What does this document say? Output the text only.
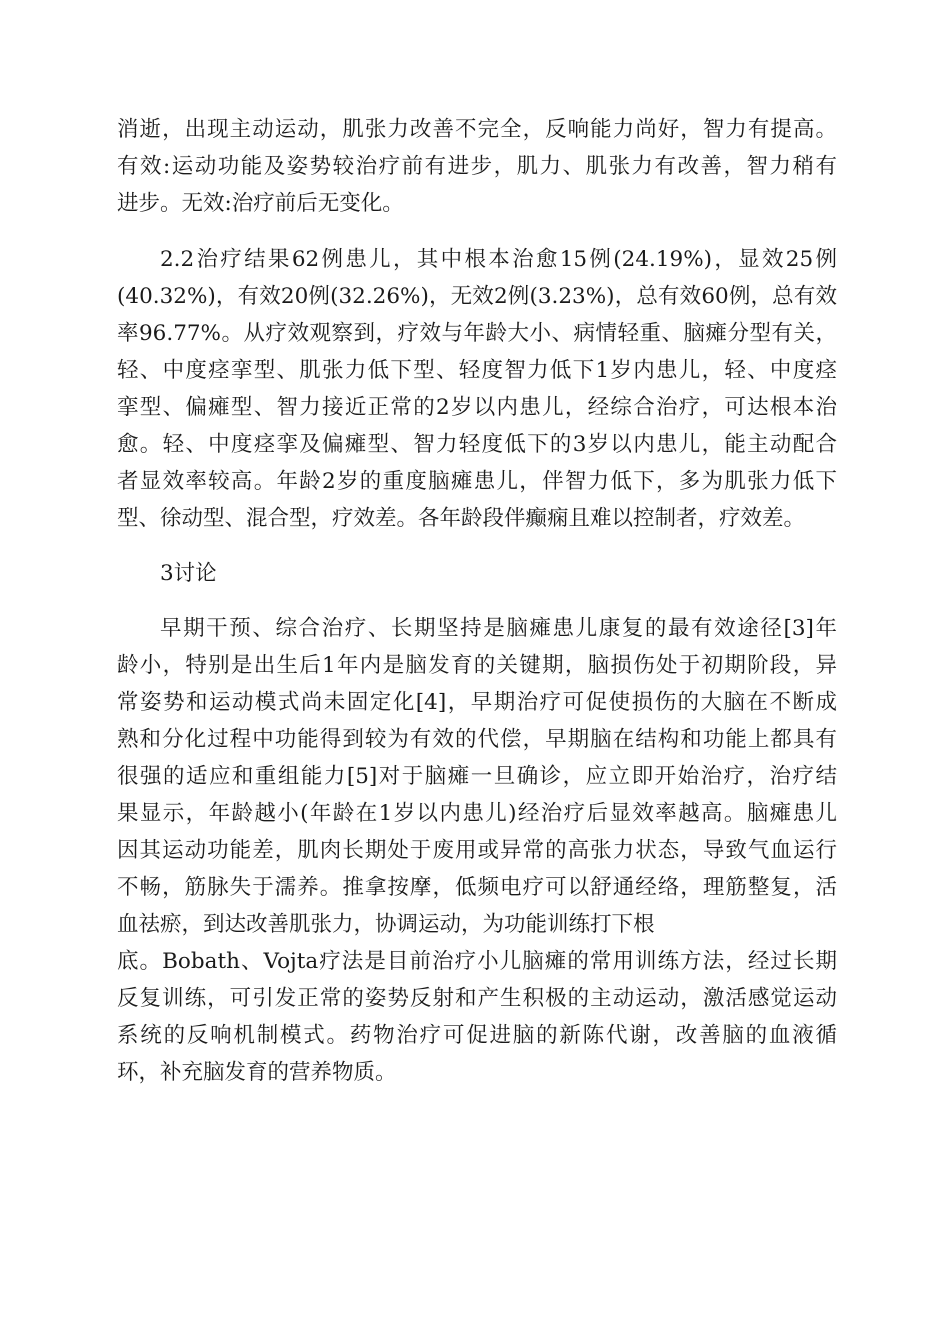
消逝，出现主动运动，肌张力改善不完全，反响能力尚好，智力有提高。
有效:运动功能及姿势较治疗前有进步，肌力、肌张力有改善，智力稍有
进步。无效:治疗前后无变化。
2.2治疗结果62例患儿，其中根本治愈15例(24.19%)，显效25例
(40.32%)，有效20例(32.26%)，无效2例(3.23%)，总有效60例，总有效
率96.77%。从疗效观察到，疗效与年龄大小、病情轻重、脑瘫分型有关，
轻、中度痉挛型、肌张力低下型、轻度智力低下1岁内患儿，轻、中度痉
挛型、偏瘫型、智力接近正常的2岁以内患儿，经综合治疗，可达根本治
愈。轻、中度痉挛及偏瘫型、智力轻度低下的3岁以内患儿，能主动配合
者显效率较高。年龄2岁的重度脑瘫患儿，伴智力低下，多为肌张力低下
型、徐动型、混合型，疗效差。各年龄段伴癫痫且难以控制者，疗效差。
3讨论
早期干预、综合治疗、长期坚持是脑瘫患儿康复的最有效途径[3]年
龄小，特别是出生后1年内是脑发育的关键期，脑损伤处于初期阶段，异
常姿势和运动模式尚未固定化[4]，早期治疗可促使损伤的大脑在不断成
熟和分化过程中功能得到较为有效的代偿，早期脑在结构和功能上都具有
很强的适应和重组能力[5]对于脑瘫一旦确诊，应立即开始治疗，治疗结
果显示，年龄越小(年龄在1岁以内患儿)经治疗后显效率越高。脑瘫患儿
因其运动功能差，肌肉长期处于废用或异常的高张力状态，导致气血运行
不畅，筋脉失于濡养。推拿按摩，低频电疗可以舒通经络，理筋整复，活
血祛瘀，到达改善肌张力，协调运动，为功能训练打下根
底。Bobath、Vojta疗法是目前治疗小儿脑瘫的常用训练方法，经过长期
反复训练，可引发正常的姿势反射和产生积极的主动运动，激活感觉运动
系统的反响机制模式。药物治疗可促进脑的新陈代谢，改善脑的血液循
环，补充脑发育的营养物质。
